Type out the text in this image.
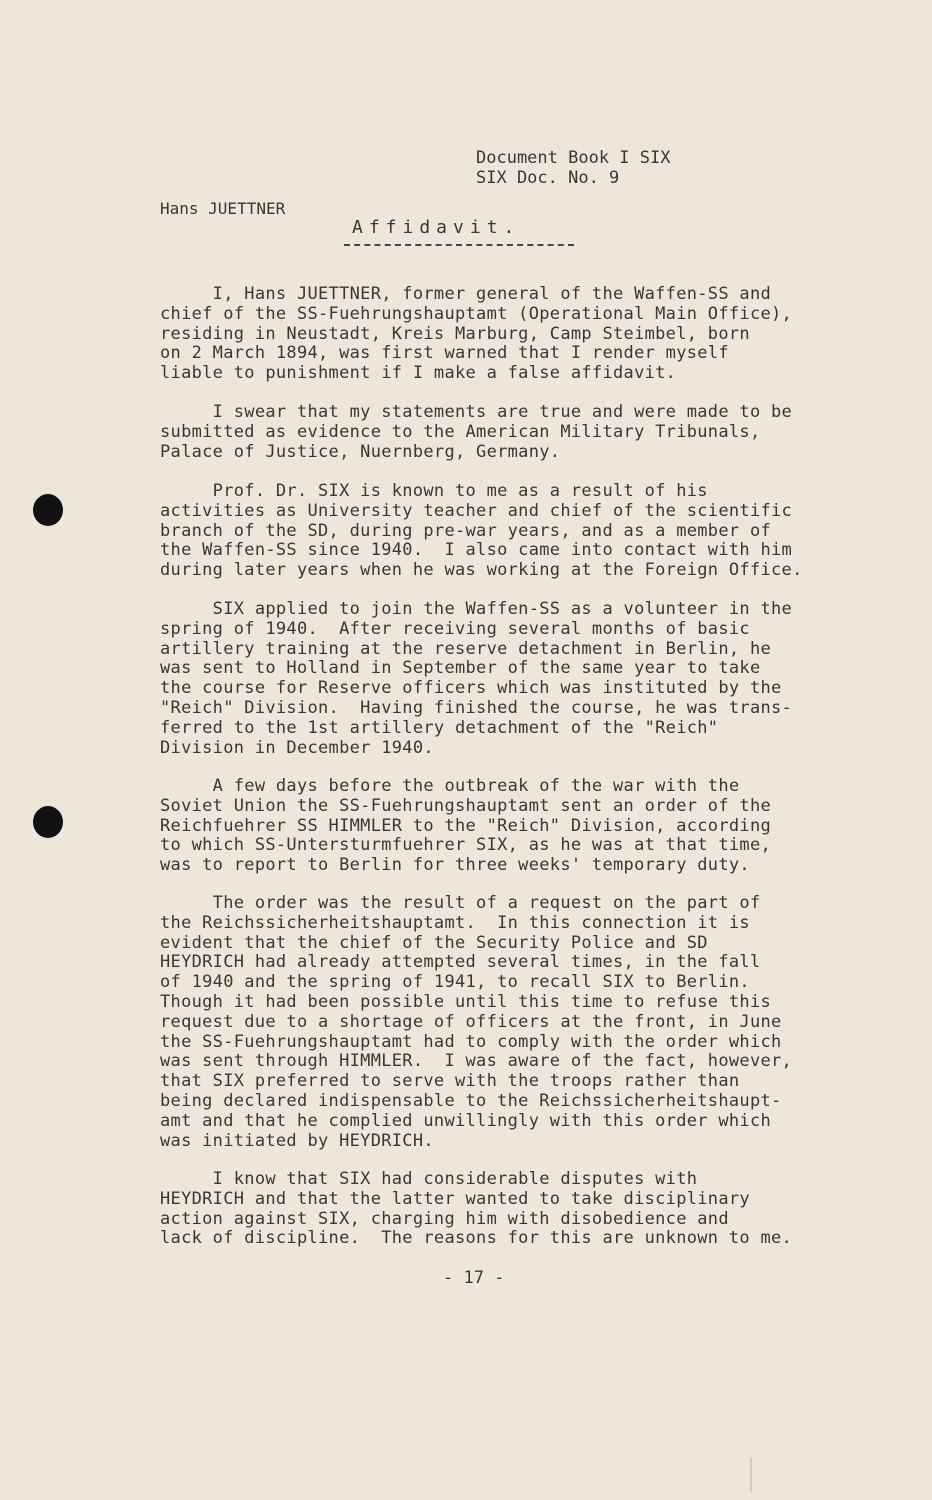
Document Book I SIX
SIX Doc. No. 9
Hans JUETTNER
Affidavit.

I, Hans JUETTNER, former general of the Waffen-SS and
chief of the SS-Fuehrungshauptamt (Operational Main Office),
residing in Neustadt, Kreis Marburg, Camp Steimbel, born
on 2 March 1894, was first warned that I render myself
liable to punishment if I make a false affidavit.

I swear that my statements are true and were made to be
submitted as evidence to the American Military Tribunals,
Palace of Justice, Nuernberg, Germany.

Prof. Dr. SIX is known to me as a result of his
activities as University teacher and chief of the scientific
branch of the SD, during pre-war years, and as a member of
the Waffen-SS since 1940.  I also came into contact with him
during later years when he was working at the Foreign Office.

SIX applied to join the Waffen-SS as a volunteer in the
spring of 1940.  After receiving several months of basic
artillery training at the reserve detachment in Berlin, he
was sent to Holland in September of the same year to take
the course for Reserve officers which was instituted by the
"Reich" Division.  Having finished the course, he was trans-
ferred to the 1st artillery detachment of the "Reich"
Division in December 1940.

A few days before the outbreak of the war with the
Soviet Union the SS-Fuehrungshauptamt sent an order of the
Reichfuehrer SS HIMMLER to the "Reich" Division, according
to which SS-Untersturmfuehrer SIX, as he was at that time,
was to report to Berlin for three weeks' temporary duty.

The order was the result of a request on the part of
the Reichssicherheitshauptamt.  In this connection it is
evident that the chief of the Security Police and SD
HEYDRICH had already attempted several times, in the fall
of 1940 and the spring of 1941, to recall SIX to Berlin.
Though it had been possible until this time to refuse this
request due to a shortage of officers at the front, in June
the SS-Fuehrungshauptamt had to comply with the order which
was sent through HIMMLER.  I was aware of the fact, however,
that SIX preferred to serve with the troops rather than
being declared indispensable to the Reichssicherheitshaupt-
amt and that he complied unwillingly with this order which
was initiated by HEYDRICH.

I know that SIX had considerable disputes with
HEYDRICH and that the latter wanted to take disciplinary
action against SIX, charging him with disobedience and
lack of discipline.  The reasons for this are unknown to me.

- 17 -
